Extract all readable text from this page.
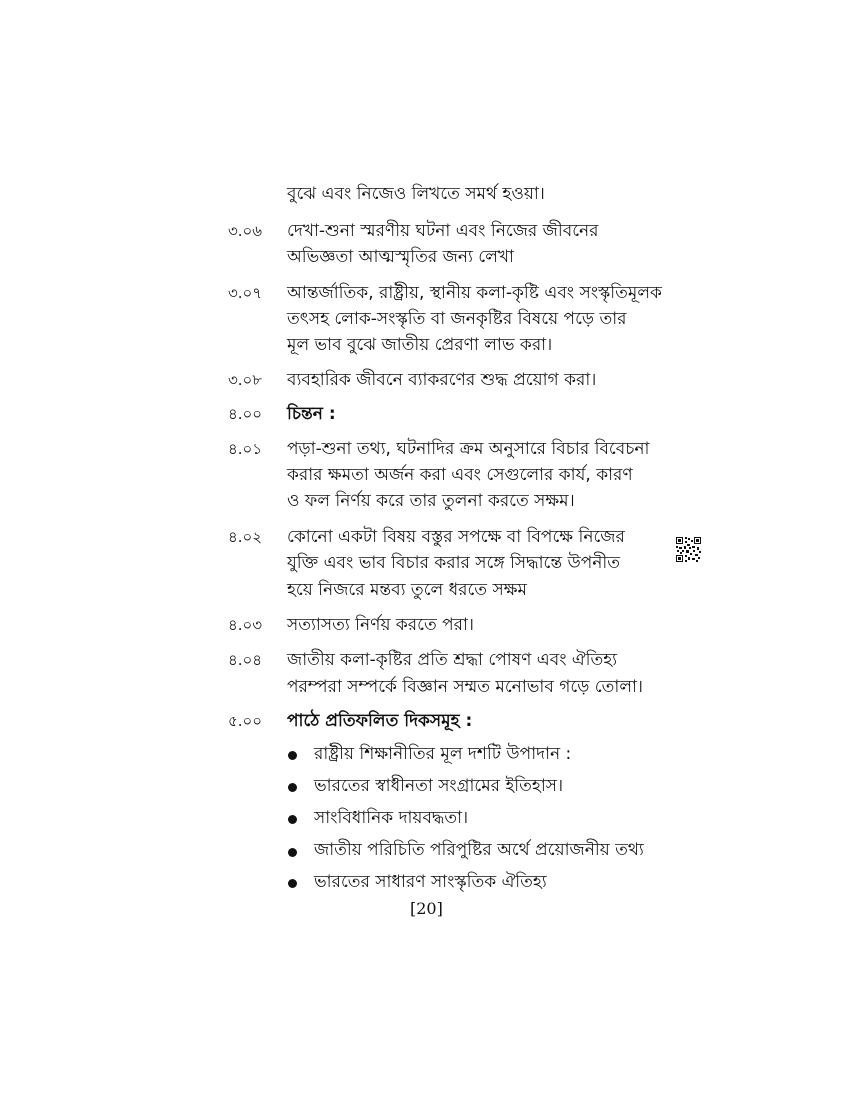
বুঝে এবং নিজেও লিখতে সমর্থ হওয়া।
৩.০৬ দেখা-শুনা স্মরণীয় ঘটনা এবং নিজের জীবনের
অভিজ্ঞতা আত্মস্মৃতির জন্য লেখা
৩.০৭ আন্তর্জাতিক, রাষ্ট্রীয়, স্থানীয় কলা-কৃষ্টি এবং সংস্কৃতিমূলক
তৎসহ লোক-সংস্কৃতি বা জনকৃষ্টির বিষয়ে পড়ে তার
মূল ভাব বুঝে জাতীয় প্রেরণা লাভ করা।
৩.০৮ ব্যবহারিক জীবনে ব্যাকরণের শুদ্ধ প্রয়োগ করা।
৪.০০ চিন্তন :
৪.০১ পড়া-শুনা তথ্য, ঘটনাদির ক্রম অনুসারে বিচার বিবেচনা
করার ক্ষমতা অর্জন করা এবং সেগুলোর কার্য, কারণ
ও ফল নির্ণয় করে তার তুলনা করতে সক্ষম।
৪.০২ কোনো একটা বিষয় বস্তুর সপক্ষে বা বিপক্ষে নিজের
যুক্তি এবং ভাব বিচার করার সঙ্গে সিদ্ধান্তে উপনীত
হয়ে নিজরে মন্তব্য তুলে ধরতে সক্ষম
৪.০৩ সত্যাসত্য নির্ণয় করতে পরা।
৪.০৪ জাতীয় কলা-কৃষ্টির প্রতি শ্রদ্ধা পোষণ এবং ঐতিহ্য
পরম্পরা সম্পর্কে বিজ্ঞান সম্মত মনোভাব গড়ে তোলা।
৫.০০ পাঠে প্রতিফলিত দিকসমূহ :
রাষ্ট্রীয় শিক্ষানীতির মূল দশটি উপাদান :
ভারতের স্বাধীনতা সংগ্রামের ইতিহাস।
সাংবিধানিক দায়বদ্ধতা।
জাতীয় পরিচিতি পরিপুষ্টির অর্থে প্রয়োজনীয় তথ্য
ভারতের সাধারণ সাংস্কৃতিক ঐতিহ্য
[20]
